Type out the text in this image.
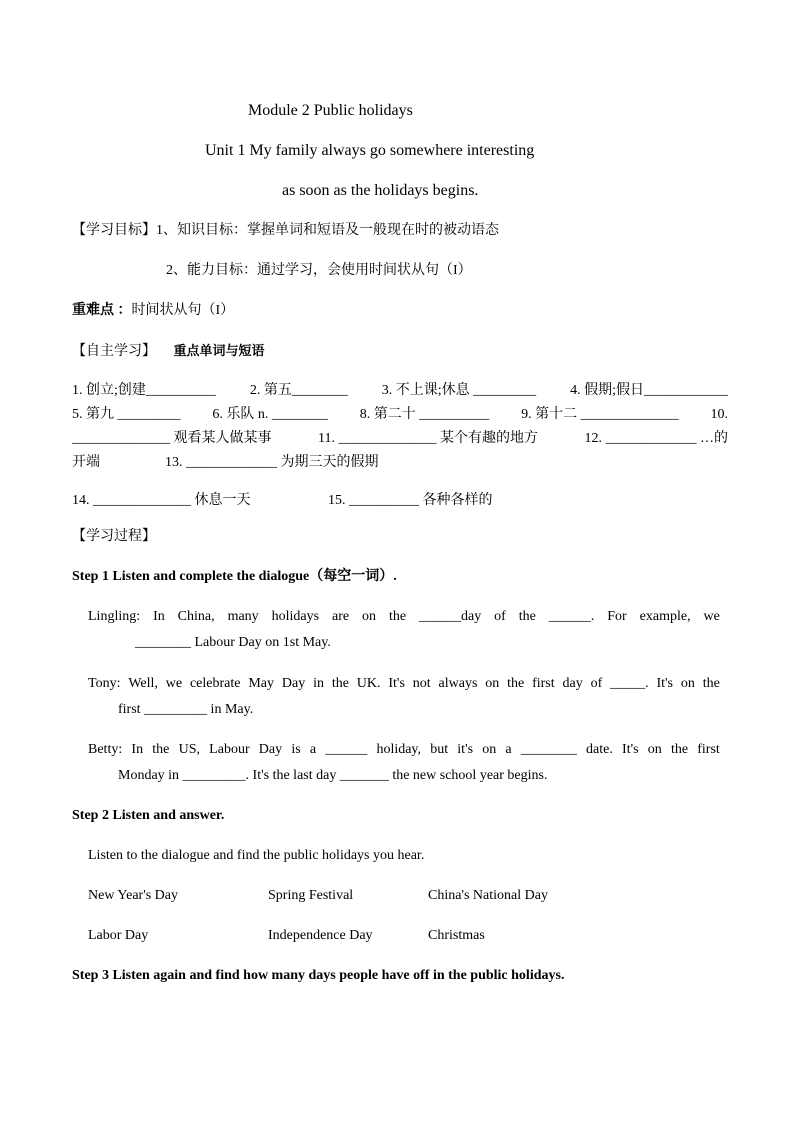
Module 2 Public holidays
Unit 1 My family always go somewhere interesting
as soon as the holidays begins.
【学习目标】1、知识目标：掌握单词和短语及一般现在时的被动语态
2、能力目标：通过学习，会使用时间状从句（I）
重难点 ：时间状从句（I）
【自主学习】 重点单词与短语
1. 创立;创建__________ 2. 第五________ 3. 不上课;休息 _________ 4. 假期;假日____________
5. 第九 _________ 6. 乐队 n. ________ 8. 第二十 __________ 9. 第十二 ______________ 10.
______________ 观看某人做某事	11. ______________ 某个有趣的地方	12. _____________ …的
开端	13. _____________ 为期三天的假期
14. ______________ 休息一天	15. __________ 各种各样的
【学习过程】
Step 1 Listen and complete the dialogue（每空一词）.
Lingling: In China, many holidays are on the ______day of the ______. For example, we
________ Labour Day on 1st May.
Tony: Well, we celebrate May Day in the UK. It's not always on the first day of _____. It's on the
first _________ in May.
Betty: In the US, Labour Day is a ______ holiday, but it's on a ________ date. It's on the first
Monday in _________. It's the last day _______ the new school year begins.
Step 2 Listen and answer.
Listen to the dialogue and find the public holidays you hear.
New Year's Day	Spring Festival	China's National Day
Labor Day	Independence Day	Christmas
Step 3 Listen again and find how many days people have off in the public holidays.
